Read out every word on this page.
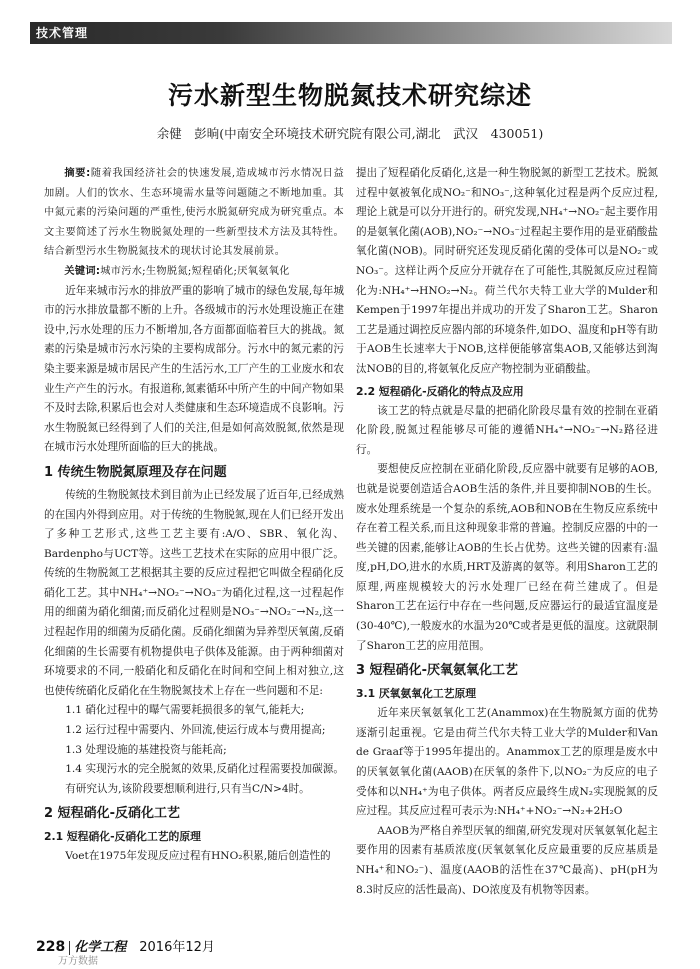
技术管理
污水新型生物脱氮技术研究综述
余健　彭晌(中南安全环境技术研究院有限公司,湖北　武汉　430051)

摘要:随着我国经济社会的快速发展,造成城市污水情况日益加剧。人们的饮水、生态环境需水量等问题随之不断地加重。其中氮元素的污染问题的严重性,使污水脱氮研究成为研究重点。本文主要简述了污水生物脱氮处理的一些新型技术方法及其特性。结合新型污水生物脱氮技术的现状讨论其发展前景。

关键词:城市污水;生物脱氮;短程硝化;厌氧氨氧化

近年来城市污水的排放严重的影响了城市的绿色发展,每年城市的污水排放量都不断的上升。各级城市的污水处理设施正在建设中,污水处理的压力不断增加,各方面都面临着巨大的挑战。氮素的污染是城市污水污染的主要构成部分。污水中的氮元素的污染主要来源是城市居民产生的生活污水,工厂产生的工业废水和农业生产产生的污水。有报道称,氮素循环中所产生的中间产物如果不及时去除,积累后也会对人类健康和生态环境造成不良影响。污水生物脱氮已经得到了人们的关注,但是如何高效脱氮,依然是现在城市污水处理所面临的巨大的挑战。

1 传统生物脱氮原理及存在问题

传统的生物脱氮技术到目前为止已经发展了近百年,已经成熟的在国内外得到应用。对于传统的生物脱氮,现在人们已经开发出了多种工艺形式,这些工艺主要有:A/O、SBR、氧化沟、Bardenpho与UCT等。这些工艺技术在实际的应用中很广泛。传统的生物脱氮工艺根据其主要的反应过程把它叫做全程硝化反硝化工艺。其中NH₄⁺→NO₂⁻→NO₃⁻为硝化过程,这一过程起作用的细菌为硝化细菌;而反硝化过程则是NO₃⁻→NO₂⁻→N₂,这一过程起作用的细菌为反硝化菌。反硝化细菌为异养型厌氧菌,反硝化细菌的生长需要有机物提供电子供体及能源。由于两种细菌对环境要求的不同,一般硝化和反硝化在时间和空间上相对独立,这也使传统硝化反硝化在生物脱氮技术上存在一些问题和不足:

1.1 硝化过程中的曝气需要耗损很多的氧气,能耗大;

1.2 运行过程中需要内、外回流,使运行成本与费用提高;

1.3 处理设施的基建投资与能耗高;

1.4 实现污水的完全脱氮的效果,反硝化过程需要投加碳源。有研究认为,该阶段要想顺利进行,只有当C/N>4时。

2 短程硝化-反硝化工艺
2.1 短程硝化-反硝化工艺的原理

Voet在1975年发现反应过程有HNO₂积累,随后创造性的

提出了短程硝化反硝化,这是一种生物脱氮的新型工艺技术。脱氮过程中氨被氧化成NO₂⁻和NO₃⁻,这种氧化过程是两个反应过程,理论上就是可以分开进行的。研究发现,NH₄⁺→NO₂⁻起主要作用的是氨氧化菌(AOB),NO₂⁻→NO₃⁻过程起主要作用的是亚硝酸盐氧化菌(NOB)。同时研究还发现反硝化菌的受体可以是NO₂⁻或NO₃⁻。这样让两个反应分开就存在了可能性,其脱氮反应过程简化为:NH₄⁺→HNO₂→N₂。荷兰代尔夫特工业大学的Mulder和Kempen于1997年提出并成功的开发了Sharon工艺。Sharon工艺是通过调控反应器内部的环境条件,如DO、温度和pH等有助于AOB生长速率大于NOB,这样便能够富集AOB,又能够达到淘汰NOB的目的,将氨氧化反应产物控制为亚硝酸盐。

2.2 短程硝化-反硝化的特点及应用

该工艺的特点就是尽量的把硝化阶段尽量有效的控制在亚硝化阶段,脱氮过程能够尽可能的遵循NH₄⁺→NO₂⁻→N₂路径进行。

要想使反应控制在亚硝化阶段,反应器中就要有足够的AOB,也就是说要创造适合AOB生活的条件,并且要抑制NOB的生长。废水处理系统是一个复杂的系统,AOB和NOB在生物反应系统中存在着工程关系,而且这种现象非常的普遍。控制反应器的中的一些关键的因素,能够让AOB的生长占优势。这些关键的因素有:温度,pH,DO,进水的水质,HRT及游离的氨等。利用Sharon工艺的原理,两座规模较大的污水处理厂已经在荷兰建成了。但是Sharon工艺在运行中存在一些问题,反应器运行的最适宜温度是(30-40℃),一般废水的水温为20℃或者是更低的温度。这就限制了Sharon工艺的应用范围。

3 短程硝化-厌氧氨氧化工艺
3.1 厌氧氨氧化工艺原理

近年来厌氧氨氧化工艺(Anammox)在生物脱氮方面的优势逐渐引起重视。它是由荷兰代尔夫特工业大学的Mulder和Van de Graaf等于1995年提出的。Anammox工艺的原理是废水中的厌氧氨氧化菌(AAOB)在厌氧的条件下,以NO₂⁻为反应的电子受体和以NH₄⁺为电子供体。两者反应最终生成N₂实现脱氮的反应过程。其反应过程可表示为:NH₄⁺+NO₂⁻→N₂+2H₂O

AAOB为严格自养型厌氧的细菌,研究发现对厌氧氨氧化起主要作用的因素有基质浓度(厌氧氨氧化反应最重要的反应基质是NH₄⁺和NO₂⁻)、温度(AAOB的活性在37℃最高)、pH(pH为8.3时反应的活性最高)、DO浓度及有机物等因素。

228 化学工程　 2016年12月
万方数据
